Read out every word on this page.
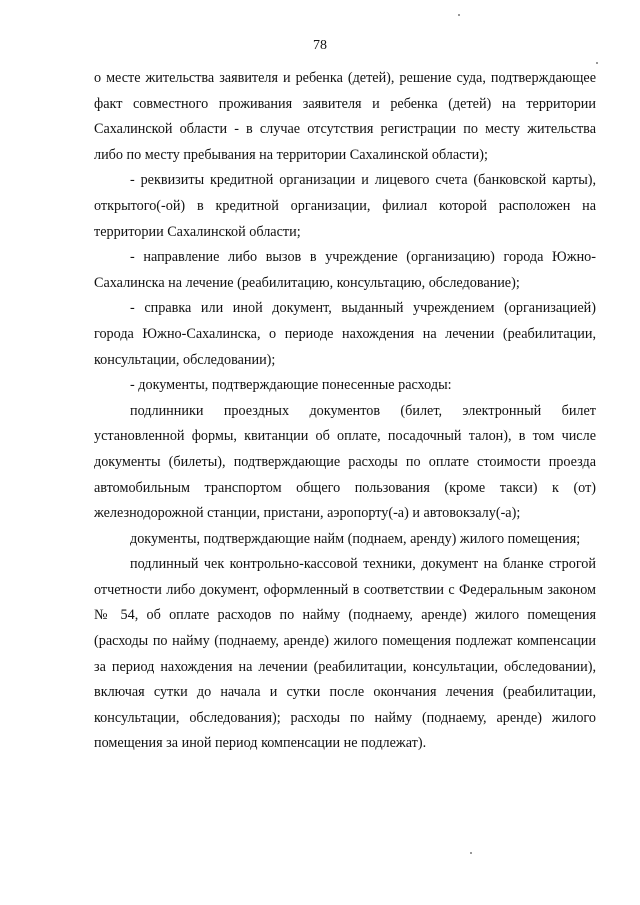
78

о месте жительства заявителя и ребенка (детей), решение суда, подтверждающее факт совместного проживания заявителя и ребенка (детей) на территории Сахалинской области - в случае отсутствия регистрации по месту жительства либо по месту пребывания на территории Сахалинской области);

- реквизиты кредитной организации и лицевого счета (банковской карты), открытого(-ой) в кредитной организации, филиал которой расположен на территории Сахалинской области;

- направление либо вызов в учреждение (организацию) города Южно-Сахалинска на лечение (реабилитацию, консультацию, обследование);

- справка или иной документ, выданный учреждением (организацией) города Южно-Сахалинска, о периоде нахождения на лечении (реабилитации, консультации, обследовании);

- документы, подтверждающие понесенные расходы:

подлинники проездных документов (билет, электронный билет установленной формы, квитанции об оплате, посадочный талон), в том числе документы (билеты), подтверждающие расходы по оплате стоимости проезда автомобильным транспортом общего пользования (кроме такси) к (от) железнодорожной станции, пристани, аэропорту(-а) и автовокзалу(-а);

документы, подтверждающие найм (поднаем, аренду) жилого помещения;

подлинный чек контрольно-кассовой техники, документ на бланке строгой отчетности либо документ, оформленный в соответствии с Федеральным законом № 54, об оплате расходов по найму (поднаему, аренде) жилого помещения (расходы по найму (поднаему, аренде) жилого помещения подлежат компенсации за период нахождения на лечении (реабилитации, консультации, обследовании), включая сутки до начала и сутки после окончания лечения (реабилитации, консультации, обследования); расходы по найму (поднаему, аренде) жилого помещения за иной период компенсации не подлежат).
